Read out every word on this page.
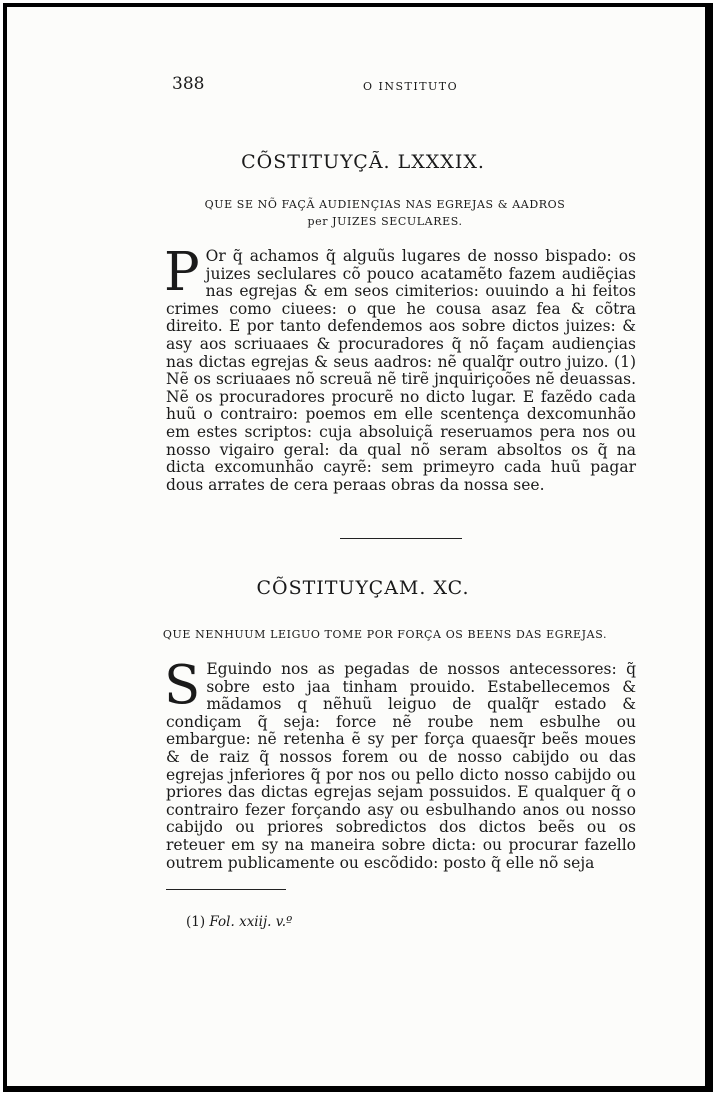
388	O INSTITUTO
CÕSTITUYÇÃ. LXXXIX.
QUE SE NÕ FAÇÃ AUDIENÇIAS NAS EGREJAS & AADROS
per JUIZES SECULARES.
P Or q̃ achamos q̃ alguũs lugares de nosso bispado: os juizes seclulares cõ pouco acatamẽto fazem audiẽçias nas egrejas & em seos cimiterios: ouuindo a hi feitos crimes como ciuees: o que he cousa asaz fea & cõtra direito. E por tanto defendemos aos sobre dictos juizes: & asy aos scriuaaes & procuradores q̃ nõ façam audiençias nas dictas egrejas & seus aadros: nẽ qualq̃r outro juizo. (1) Nẽ os scriuaaes nõ screuã nẽ tirẽ jnquiriçoões nẽ deuassas. Nẽ os procuradores procurẽ no dicto lugar. E fazẽdo cada huũ o contrairo: poemos em elle scentença dexcomunhão em estes scriptos: cuja absoluiçã reseruamos pera nos ou nosso vigairo geral: da qual nõ seram absoltos os q̃ na dicta excomunhão cayrẽ: sem primeyro cada huũ pagar dous arrates de cera peraas obras da nossa see.
CÕSTITUYÇAM. XC.
QUE NENHUUM LEIGUO TOME POR FORÇA OS BEENS DAS EGREJAS.
S Eguindo nos as pegadas de nossos antecessores: q̃ sobre esto jaa tinham prouido. Estabellecemos & mãdamos q nẽhuũ leiguo de qualq̃r estado & condiçam q̃ seja: force nẽ roube nem esbulhe ou embargue: nẽ retenha ẽ sy per força quaesq̃r beẽs moues & de raiz q̃ nossos forem ou de nosso cabijdo ou das egrejas jnferiores q̃ por nos ou pello dicto nosso cabijdo ou priores das dictas egrejas sejam possuidos. E qualquer q̃ o contrairo fezer forçando asy ou esbulhando anos ou nosso cabijdo ou priores sobredictos dos dictos beẽs ou os reteuer em sy na maneira sobre dicta: ou procurar fazello outrem publicamente ou escõdido: posto q̃ elle nõ seja
(1) Fol. xxiij. v.º
